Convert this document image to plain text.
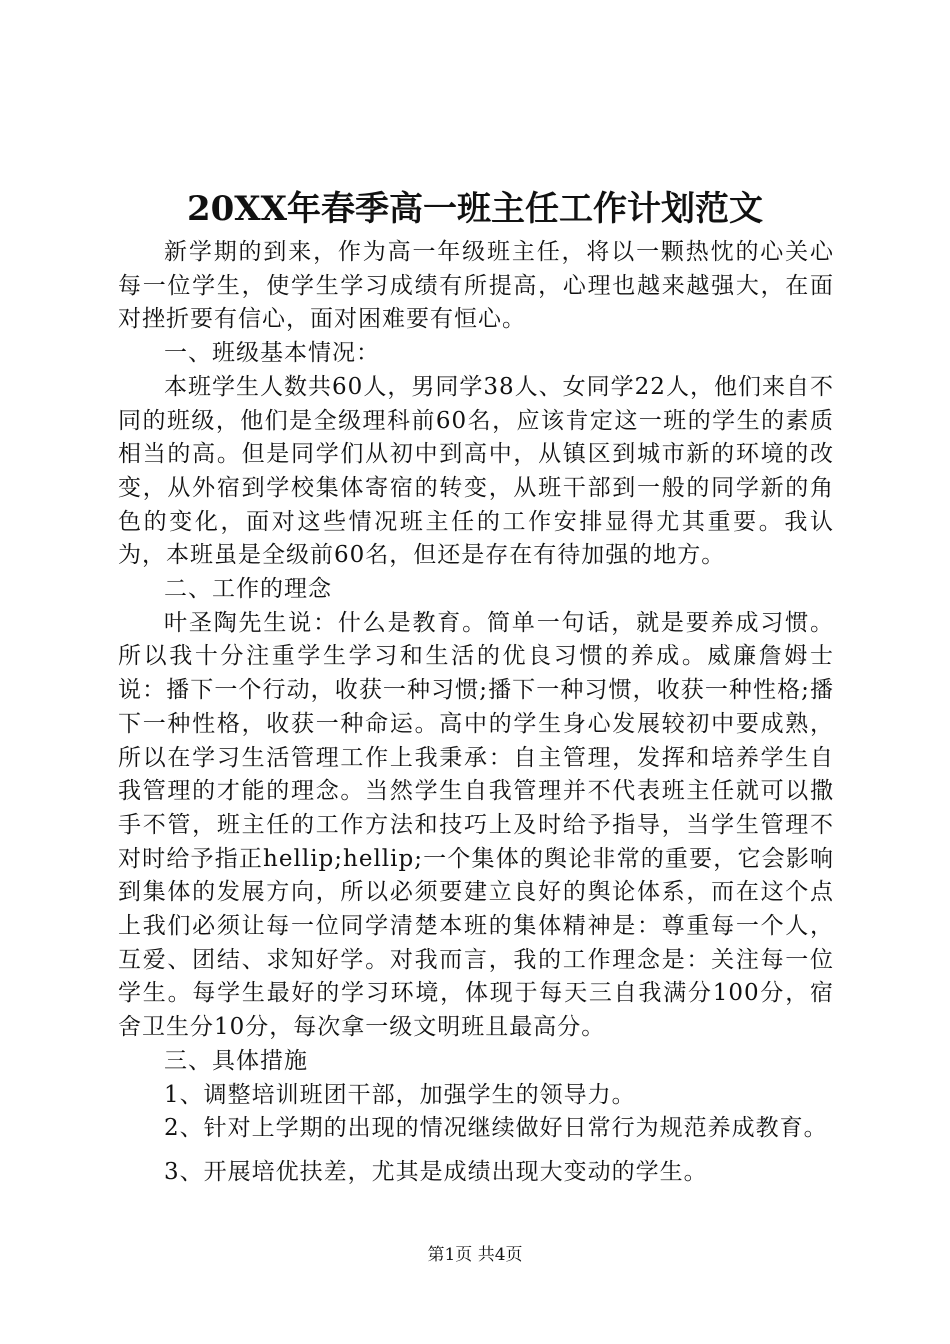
20XX年春季高一班主任工作计划范文

新学期的到来，作为高一年级班主任，将以一颗热忱的心关心每一位学生，使学生学习成绩有所提高，心理也越来越强大，在面对挫折要有信心，面对困难要有恒心。

一、班级基本情况：

本班学生人数共60人，男同学38人、女同学22人，他们来自不同的班级，他们是全级理科前60名，应该肯定这一班的学生的素质相当的高。但是同学们从初中到高中，从镇区到城市新的环境的改变，从外宿到学校集体寄宿的转变，从班干部到一般的同学新的角色的变化，面对这些情况班主任的工作安排显得尤其重要。我认为，本班虽是全级前60名，但还是存在有待加强的地方。

二、工作的理念

叶圣陶先生说：什么是教育。简单一句话，就是要养成习惯。所以我十分注重学生学习和生活的优良习惯的养成。威廉詹姆士说：播下一个行动，收获一种习惯;播下一种习惯，收获一种性格;播下一种性格，收获一种命运。高中的学生身心发展较初中要成熟，所以在学习生活管理工作上我秉承：自主管理，发挥和培养学生自我管理的才能的理念。当然学生自我管理并不代表班主任就可以撒手不管，班主任的工作方法和技巧上及时给予指导，当学生管理不对时给予指正hellip;hellip;一个集体的舆论非常的重要，它会影响到集体的发展方向，所以必须要建立良好的舆论体系，而在这个点上我们必须让每一位同学清楚本班的集体精神是：尊重每一个人，互爱、团结、求知好学。对我而言，我的工作理念是：关注每一位学生。每学生最好的学习环境，体现于每天三自我满分100分，宿舍卫生分10分，每次拿一级文明班且最高分。

三、具体措施

1、调整培训班团干部，加强学生的领导力。

2、针对上学期的出现的情况继续做好日常行为规范养成教育。

3、开展培优扶差，尤其是成绩出现大变动的学生。

第1页 共4页
